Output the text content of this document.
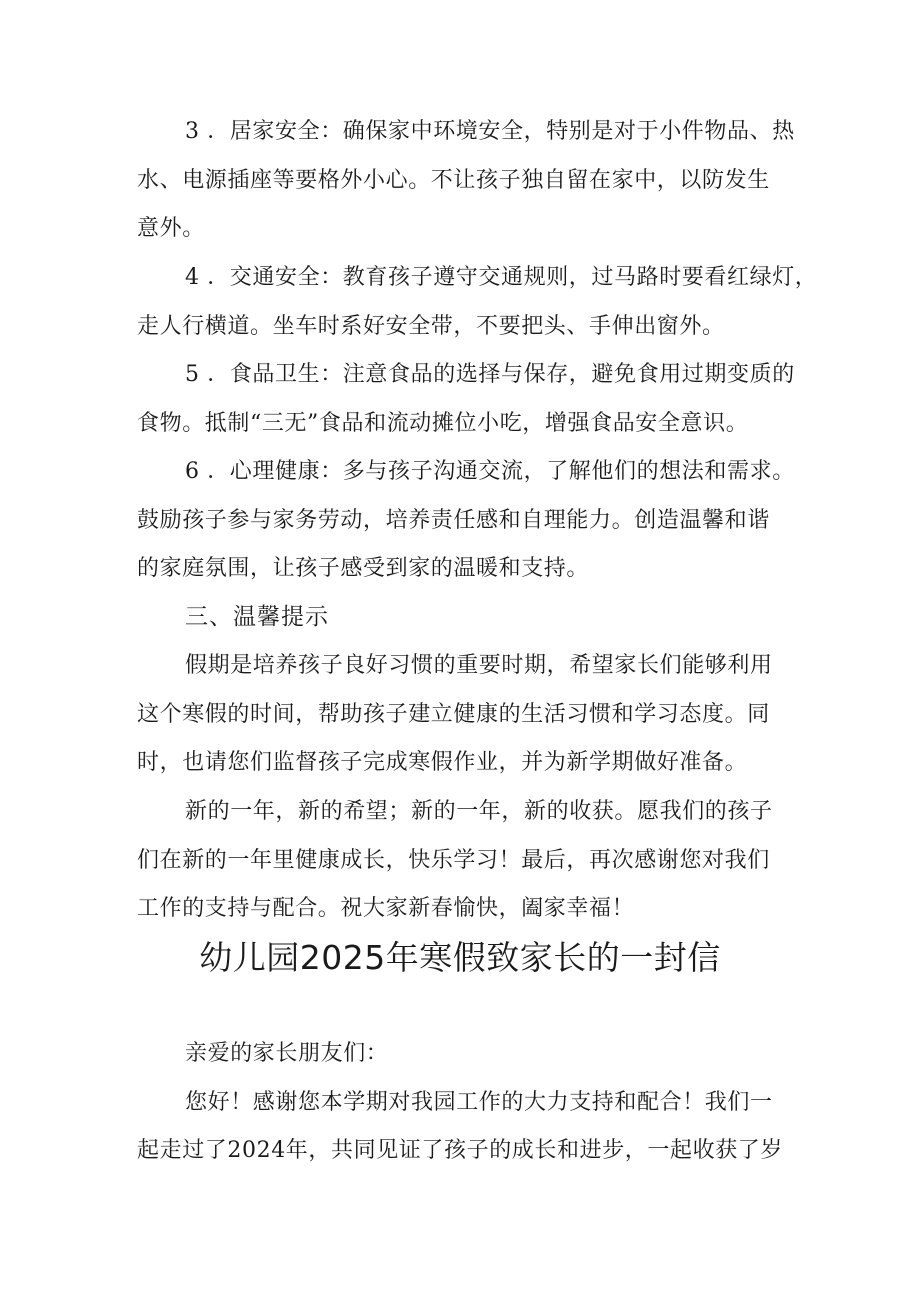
3 ．居家安全：确保家中环境安全，特别是对于小件物品、热
水、电源插座等要格外小心。不让孩子独自留在家中，以防发生
意外。
4 ．交通安全：教育孩子遵守交通规则，过马路时要看红绿灯，
走人行横道。坐车时系好安全带，不要把头、手伸出窗外。
5 ．食品卫生：注意食品的选择与保存，避免食用过期变质的
食物。抵制“三无”食品和流动摊位小吃，增强食品安全意识。
6 ．心理健康：多与孩子沟通交流，了解他们的想法和需求。
鼓励孩子参与家务劳动，培养责任感和自理能力。创造温馨和谐
的家庭氛围，让孩子感受到家的温暖和支持。
三、温馨提示
假期是培养孩子良好习惯的重要时期，希望家长们能够利用
这个寒假的时间，帮助孩子建立健康的生活习惯和学习态度。同
时，也请您们监督孩子完成寒假作业，并为新学期做好准备。
新的一年，新的希望；新的一年，新的收获。愿我们的孩子
们在新的一年里健康成长，快乐学习！最后，再次感谢您对我们
工作的支持与配合。祝大家新春愉快，阖家幸福！
幼儿园2025年寒假致家长的一封信
亲爱的家长朋友们：
您好！感谢您本学期对我园工作的大力支持和配合！我们一
起走过了2024年，共同见证了孩子的成长和进步，一起收获了岁
